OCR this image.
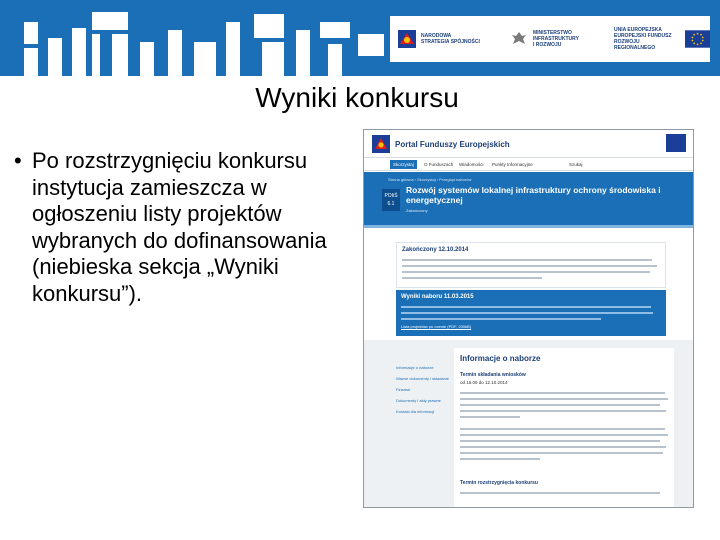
NARODOWA
STRATEGIA SPÓJNOŚCI
MINISTERSTWO
INFRASTRUKTURY
I ROZWOJU
UNIA EUROPEJSKA
EUROPEJSKI FUNDUSZ
ROZWOJU REGIONALNEGO
Wyniki konkursu
• Po rozstrzygnięciu konkursu instytucja zamieszcza w ogłoszeniu listy projektów wybranych do dofinansowania (niebieska sekcja „Wyniki konkursu”).
Portal Funduszy Europejskich
Skorzystaj	O Funduszach Wiadomości Punkty Informacyjne	Szukaj
Strona główna › Skorzystaj › Przegląd naborów
POIiŚ 6.1
Rozwój systemów lokalnej infrastruktury ochrony środowiska i energetycznej
Zakończony
Zakończony 12.10.2014
Wyniki naboru 11.03.2015
Lista projektów po ocenie (PDF, 200kB)
Informacje o naborze
Ważne dokumenty i składanie
Finanse
Dokumenty i akty prawne
Kontakt dla informacji
Informacje o naborze
Termin składania wniosków
od 15.09 do 12.10.2014
Termin rozstrzygnięcia konkursu
